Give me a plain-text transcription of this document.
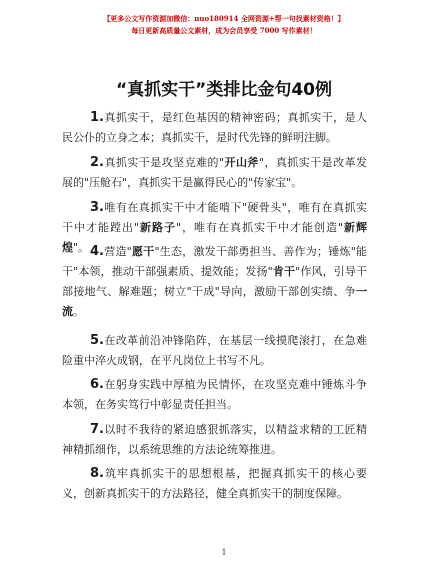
【更多公文写作资源加微信：nuo180914 全网资源+帮一句找素材资格！】
每日更新高质量公文素材，成为会员享受 7000 写作素材！
“真抓实干”类排比金句40例

1.真抓实干，是红色基因的精神密码；真抓实干，是人民公仆的立身之本；真抓实干，是时代先锋的鲜明注脚。

2.真抓实干是攻坚克难的"开山斧"，真抓实干是改革发展的"压舱石"，真抓实干是赢得民心的"传家宝"。

3.唯有在真抓实干中才能啃下"硬骨头"，唯有在真抓实干中才能蹚出"新路子"，唯有在真抓实干中才能创造"新辉煌"。 4.营造"愿干"生态，激发干部勇担当、善作为；锤炼"能干"本领，推动干部强素质、提效能；发扬"肯干"作风，引导干部接地气、解难题；树立"干成"导向，激励干部创实绩、争一流。

5.在改革前沿冲锋陷阵，在基层一线摸爬滚打，在急难险重中淬火成钢，在平凡岗位上书写不凡。

6.在躬身实践中厚植为民情怀，在攻坚克难中锤炼斗争本领，在务实笃行中彰显责任担当。

7.以时不我待的紧迫感狠抓落实，以精益求精的工匠精神精抓细作，以系统思维的方法论统筹推进。

8.筑牢真抓实干的思想根基，把握真抓实干的核心要义，创新真抓实干的方法路径，健全真抓实干的制度保障。

1
